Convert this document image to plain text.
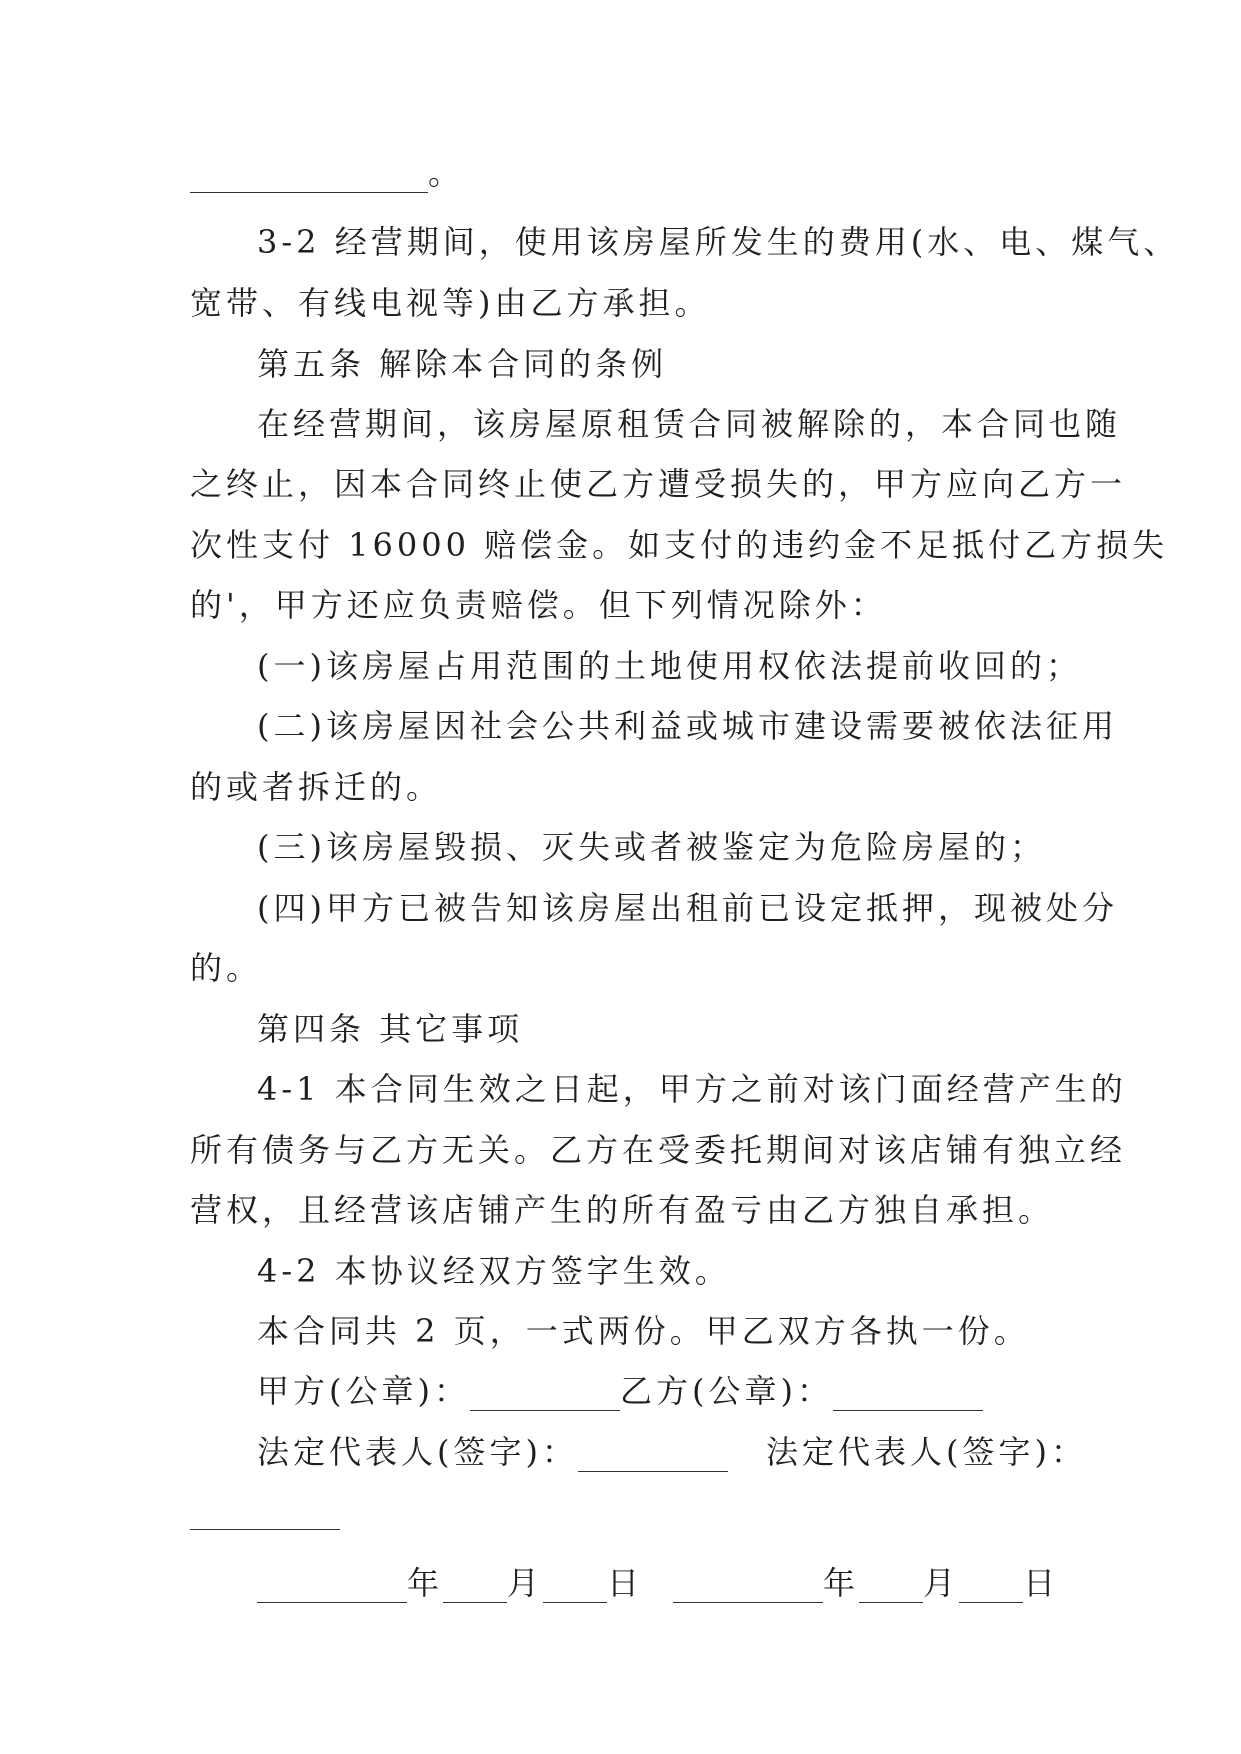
。
3-2 经营期间，使用该房屋所发生的费用(水、电、煤气、
宽带、有线电视等)由乙方承担。
第五条 解除本合同的条例
在经营期间，该房屋原租赁合同被解除的，本合同也随
之终止，因本合同终止使乙方遭受损失的，甲方应向乙方一
次性支付 16000 赔偿金。如支付的违约金不足抵付乙方损失
的'，甲方还应负责赔偿。但下列情况除外：
(一)该房屋占用范围的土地使用权依法提前收回的；
(二)该房屋因社会公共利益或城市建设需要被依法征用
的或者拆迁的。
(三)该房屋毁损、灭失或者被鉴定为危险房屋的；
(四)甲方已被告知该房屋出租前已设定抵押，现被处分
的。
第四条 其它事项
4-1 本合同生效之日起，甲方之前对该门面经营产生的
所有债务与乙方无关。乙方在受委托期间对该店铺有独立经
营权，且经营该店铺产生的所有盈亏由乙方独自承担。
4-2 本协议经双方签字生效。
本合同共 2 页，一式两份。甲乙双方各执一份。
甲方(公章)：	乙方(公章)：
法定代表人(签字)：	法定代表人(签字)：
年 月 日	年 月 日
